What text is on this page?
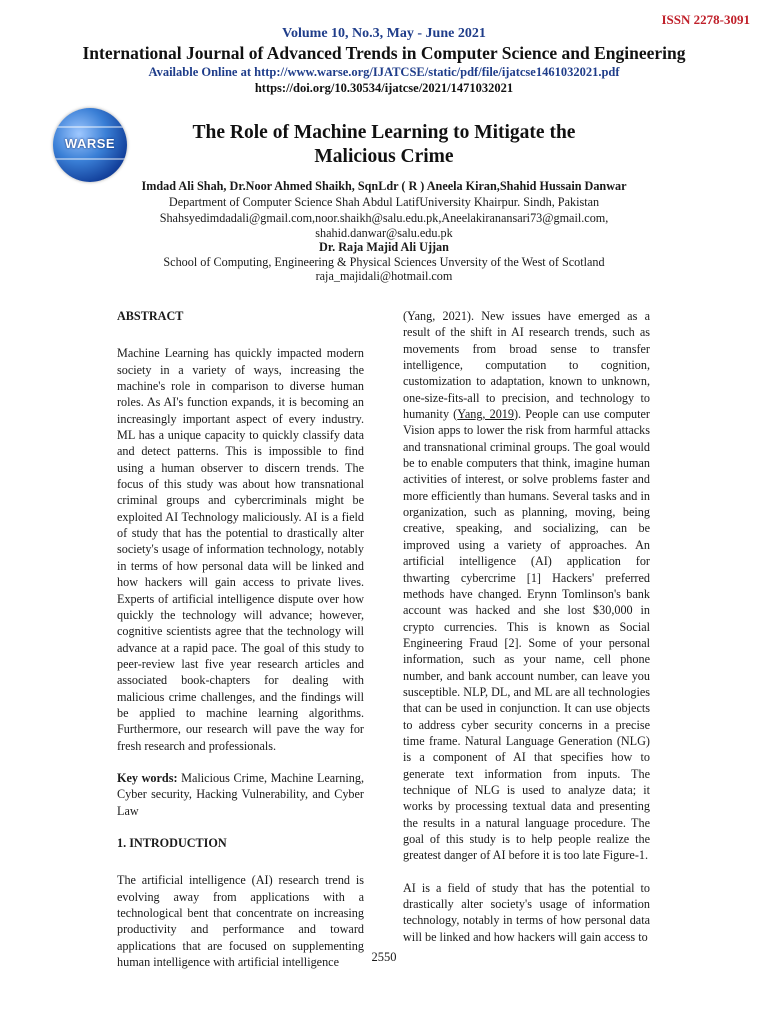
ISSN 2278-3091
Volume 10, No.3, May - June 2021
International Journal of Advanced Trends in Computer Science and Engineering
Available Online at http://www.warse.org/IJATCSE/static/pdf/file/ijatcse1461032021.pdf
https://doi.org/10.30534/ijatcse/2021/1471032021
WARSE
The Role of Machine Learning to Mitigate the
Malicious Crime
Imdad Ali Shah, Dr.Noor Ahmed Shaikh, SqnLdr ( R ) Aneela Kiran,Shahid Hussain Danwar
Department of Computer Science Shah Abdul LatifUniversity Khairpur. Sindh, Pakistan
Shahsyedimdadali@gmail.com,noor.shaikh@salu.edu.pk,Aneelakiranansari73@gmail.com,
shahid.danwar@salu.edu.pk
Dr. Raja Majid Ali Ujjan
School of Computing, Engineering & Physical Sciences Unversity of the West of Scotland
raja_majidali@hotmail.com
ABSTRACT

Machine Learning has quickly impacted modern society in a variety of ways, increasing the machine's role in comparison to diverse human roles. As AI's function expands, it is becoming an increasingly important aspect of every industry. ML has a unique capacity to quickly classify data and detect patterns. This is impossible to find using a human observer to discern trends. The focus of this study was about how transnational criminal groups and cybercriminals might be exploited AI Technology maliciously. AI is a field of study that has the potential to drastically alter society's usage of information technology, notably in terms of how personal data will be linked and how hackers will gain access to private lives. Experts of artificial intelligence dispute over how quickly the technology will advance; however, cognitive scientists agree that the technology will advance at a rapid pace. The goal of this study to peer-review last five year research articles and associated book-chapters for dealing with malicious crime challenges, and the findings will be applied to machine learning algorithms. Furthermore, our research will pave the way for fresh research and professionals.

Key words: Malicious Crime, Machine Learning, Cyber security, Hacking Vulnerability, and Cyber Law

1. INTRODUCTION

The artificial intelligence (AI) research trend is evolving away from applications with a technological bent that concentrate on increasing productivity and performance and toward applications that are focused on supplementing human intelligence with artificial intelligence

(Yang, 2021). New issues have emerged as a result of the shift in AI research trends, such as movements from broad sense to transfer intelligence, computation to cognition, customization to adaptation, known to unknown, one-size-fits-all to precision, and technology to humanity (Yang, 2019). People can use computer Vision apps to lower the risk from harmful attacks and transnational criminal groups. The goal would be to enable computers that think, imagine human activities of interest, or solve problems faster and more efficiently than humans. Several tasks and in organization, such as planning, moving, being creative, speaking, and socializing, can be improved using a variety of approaches. An artificial intelligence (AI) application for thwarting cybercrime [1] Hackers' preferred methods have changed. Erynn Tomlinson's bank account was hacked and she lost $30,000 in crypto currencies. This is known as Social Engineering Fraud [2]. Some of your personal information, such as your name, cell phone number, and bank account number, can leave you susceptible. NLP, DL, and ML are all technologies that can be used in conjunction. It can use objects to address cyber security concerns in a precise time frame. Natural Language Generation (NLG) is a component of AI that specifies how to generate text information from inputs. The technique of NLG is used to analyze data; it works by processing textual data and presenting the results in a natural language procedure. The goal of this study is to help people realize the greatest danger of AI before it is too late Figure-1.

AI is a field of study that has the potential to drastically alter society's usage of information technology, notably in terms of how personal data will be linked and how hackers will gain access to

2550
